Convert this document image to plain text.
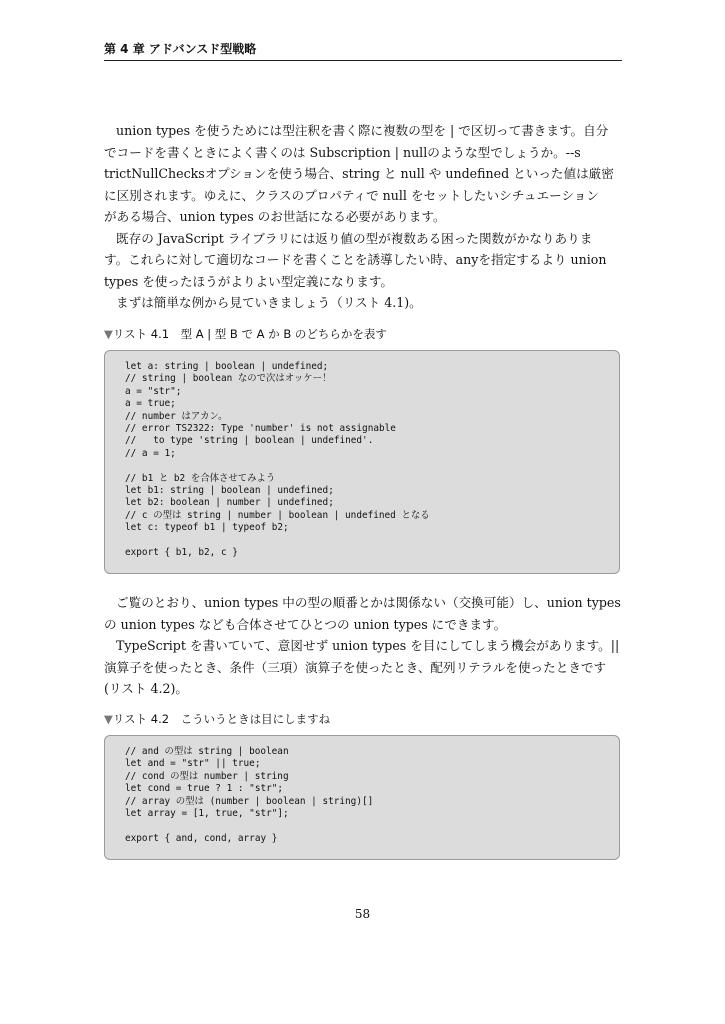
第 4 章 アドバンスド型戦略
union types を使うためには型注釈を書く際に複数の型を | で区切って書きます。自分
でコードを書くときによく書くのは Subscription | nullのような型でしょうか。--s
trictNullChecksオプションを使う場合、string と null や undefined といった値は厳密
に区別されます。ゆえに、クラスのプロパティで null をセットしたいシチュエーション
がある場合、union types のお世話になる必要があります。
既存の JavaScript ライブラリには返り値の型が複数ある困った関数がかなりありま
す。これらに対して適切なコードを書くことを誘導したい時、anyを指定するより union
types を使ったほうがよりよい型定義になります。
まずは簡単な例から見ていきましょう（リスト 4.1)。
▼リスト 4.1　型 A | 型 B で A か B のどちらかを表す
let a: string | boolean | undefined;
// string | boolean なので次はオッケー！
a = "str";
a = true;
// number はアカン。
// error TS2322: Type 'number' is not assignable
//   to type 'string | boolean | undefined'.
// a = 1;
// b1 と b2 を合体させてみよう
let b1: string | boolean | undefined;
let b2: boolean | number | undefined;
// c の型は string | number | boolean | undefined となる
let c: typeof b1 | typeof b2;
export { b1, b2, c }
ご覧のとおり、union types 中の型の順番とかは関係ない（交換可能）し、union types
の union types なども合体させてひとつの union types にできます。
TypeScript を書いていて、意図せず union types を目にしてしまう機会があります。||
演算子を使ったとき、条件（三項）演算子を使ったとき、配列リテラルを使ったときです
(リスト 4.2)。
▼リスト 4.2　こういうときは目にしますね
// and の型は string | boolean
let and = "str" || true;
// cond の型は number | string
let cond = true ? 1 : "str";
// array の型は (number | boolean | string)[]
let array = [1, true, "str"];
export { and, cond, array }
58
